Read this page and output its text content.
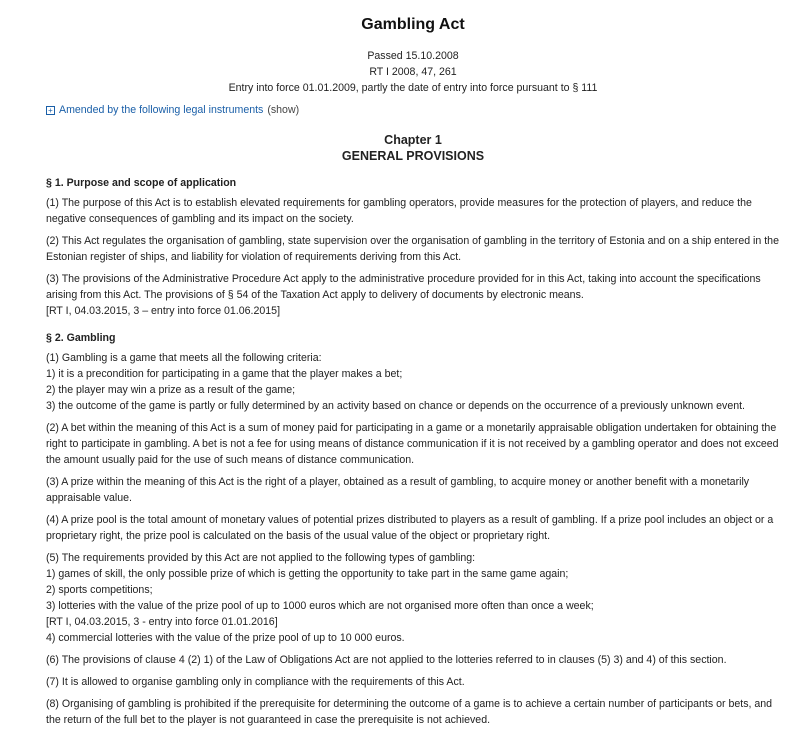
Gambling Act
Passed 15.10.2008
RT I 2008, 47, 261
Entry into force 01.01.2009, partly the date of entry into force pursuant to § 111
+ Amended by the following legal instruments (show)
Chapter 1
GENERAL PROVISIONS
§ 1. Purpose and scope of application

(1) The purpose of this Act is to establish elevated requirements for gambling operators, provide measures for the protection of players, and reduce the negative consequences of gambling and its impact on the society.

(2) This Act regulates the organisation of gambling, state supervision over the organisation of gambling in the territory of Estonia and on a ship entered in the Estonian register of ships, and liability for violation of requirements deriving from this Act.

(3) The provisions of the Administrative Procedure Act apply to the administrative procedure provided for in this Act, taking into account the specifications arising from this Act. The provisions of § 54 of the Taxation Act apply to delivery of documents by electronic means.

[RT I, 04.03.2015, 3 – entry into force 01.06.2015]

§ 2. Gambling

(1) Gambling is a game that meets all the following criteria:

1) it is a precondition for participating in a game that the player makes a bet;

2) the player may win a prize as a result of the game;

3) the outcome of the game is partly or fully determined by an activity based on chance or depends on the occurrence of a previously unknown event.

(2) A bet within the meaning of this Act is a sum of money paid for participating in a game or a monetarily appraisable obligation undertaken for obtaining the right to participate in gambling. A bet is not a fee for using means of distance communication if it is not received by a gambling operator and does not exceed the amount usually paid for the use of such means of distance communication.

(3) A prize within the meaning of this Act is the right of a player, obtained as a result of gambling, to acquire money or another benefit with a monetarily appraisable value.

(4) A prize pool is the total amount of monetary values of potential prizes distributed to players as a result of gambling. If a prize pool includes an object or a proprietary right, the prize pool is calculated on the basis of the usual value of the object or proprietary right.

(5) The requirements provided by this Act are not applied to the following types of gambling:

1) games of skill, the only possible prize of which is getting the opportunity to take part in the same game again;

2) sports competitions;

3) lotteries with the value of the prize pool of up to 1000 euros which are not organised more often than once a week;

[RT I, 04.03.2015, 3 - entry into force 01.01.2016]

4) commercial lotteries with the value of the prize pool of up to 10 000 euros.

(6) The provisions of clause 4 (2) 1) of the Law of Obligations Act are not applied to the lotteries referred to in clauses (5) 3) and 4) of this section.

(7) It is allowed to organise gambling only in compliance with the requirements of this Act.

(8) Organising of gambling is prohibited if the prerequisite for determining the outcome of a game is to achieve a certain number of participants or bets, and the return of the full bet to the player is not guaranteed in case the prerequisite is not achieved.
